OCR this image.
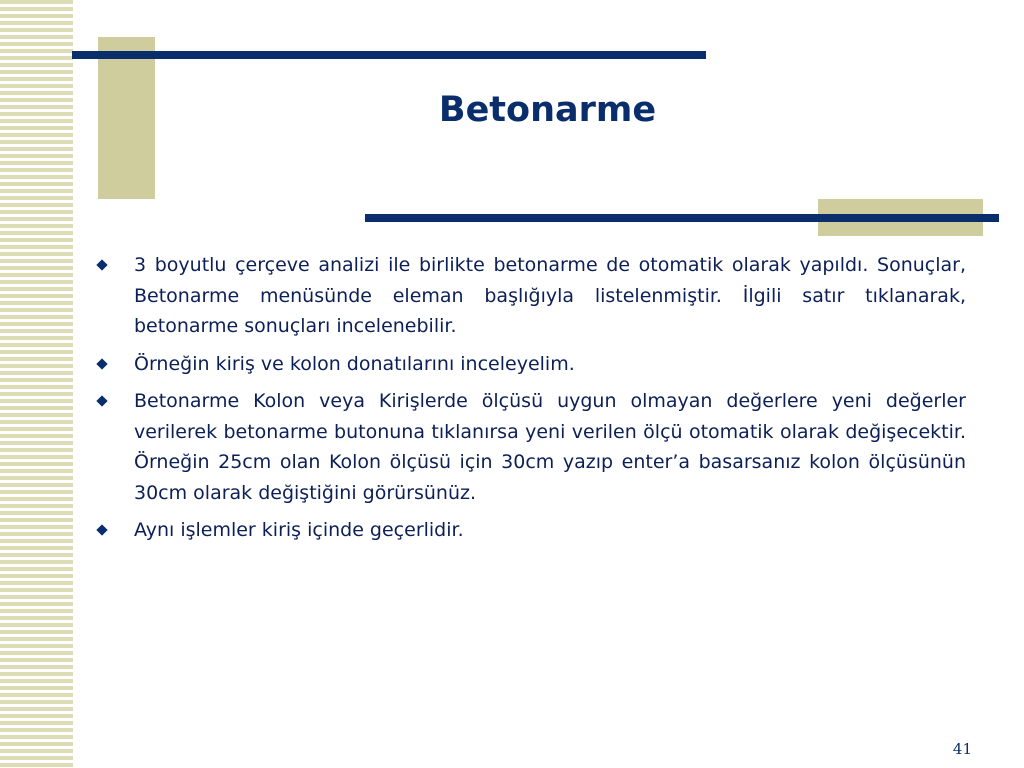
Betonarme
3 boyutlu çerçeve analizi ile birlikte betonarme de otomatik olarak yapıldı. Sonuçlar, Betonarme menüsünde eleman başlığıyla listelenmiştir. İlgili satır tıklanarak, betonarme sonuçları incelenebilir.
Örneğin kiriş ve kolon donatılarını inceleyelim.
Betonarme Kolon veya Kirişlerde ölçüsü uygun olmayan değerlere yeni değerler verilerek betonarme butonuna tıklanırsa yeni verilen ölçü otomatik olarak değişecektir. Örneğin 25cm olan Kolon ölçüsü için 30cm yazıp enter’a basarsanız kolon ölçüsünün 30cm olarak değiştiğini görürsünüz.
Aynı işlemler kiriş içinde geçerlidir.
41
